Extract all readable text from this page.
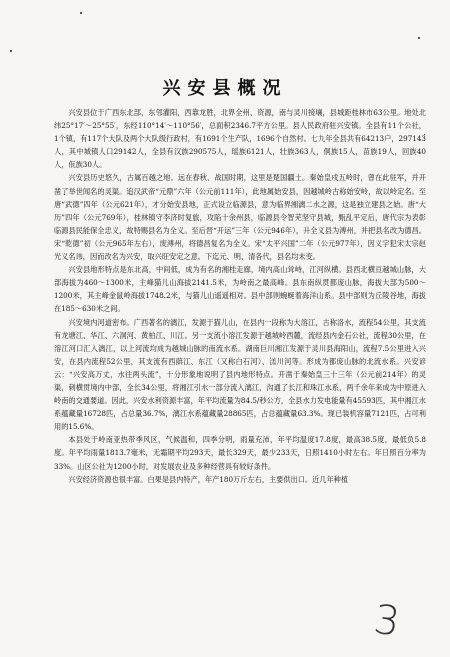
兴安县概况

兴安县位于广西东北部，东邻灌阳，西靠龙胜，北界全州、资源，南与灵川接壤，县城距桂林市63公里。地处北纬25°17′～25°55′，东经110°14′～110°56′，总面积2346.7平方公里。县人民政府驻兴安镇。全县有11个公社，1个镇，有117个大队及两个大队级行政村，有1691个生产队，1696个自然村。七九年全县共有64213户，297143人，其中城镇人口29142人，全县有汉族290575人，瑶族6121人，壮族363人，侗族15人，苗族19人，回族40人，佤族30人。

兴安县历史悠久，古属百越之地。远在春秋、战国时期，这里是楚国疆土。秦始皇戍五岭时，曾在此驻军，并开凿了举世闻名的灵渠。追汉武帝“元鼎”六年（公元前111年），此地属始安县，因越城岭古称始安岭，故以岭定名。至唐“武德”四年（公元621年），才分始安县地，正式设立临源县，意为临界湘漓二水之源，这是独立建县之始。唐“大历”四年（公元769年），桂林镇守李济时复旅，攻陷十余州县，临源县令智芜坚守县城，甄乱平定后，唐代宗为表彰临源县民能保全忠义，故特赐县名为全义。至后晋“开运”三年（公元946年），升全义县为溥州，并把县名改为德昌。宋“乾德”初（公元965年左右），废溥州，将德昌复名为全义。宋“太平兴国”二年（公元977年），因义字犯宋太宗赵光义名讳，因而改名为兴安，取兴旺安定之意。下迄元、明、清各代，县名均未变。

兴安县地形特点是东北高，中间低，成为有名的湘桂走廊，境内高山耸峙，江河纵横。县西北横亘越城山脉，大部海拔为460～1300米，主峰猫儿山海拔2141.5米，为岭南之最高峰。县东南纵贯都庞山脉，海拔大部为500～1200米，其主峰金鼠岭海拔1748.2米，与猫儿山遥遥相对。县中部则蜿蜒着海洋山系。县中部则为丘陵谷地，海拔在185～630米之间。

兴安境内河道密布。广西著名的漓江，发源于猫儿山，在县内一段称为大溶江，古称洛水，流程54公里，其支流有龙塘江、华江、六洞河、黄柏江、川江。另一支流小溶江发源于越城岭西麓，流经县内金石公社，流程30公里，在溶江河口汇入漓江，以上河流均成为越城山脉的南流水系。湖南巨川湘江发源于灵川县海阳山，流程7.5公里进入兴安，在县内流程52公里，其支流有西蕻江、东江（又称白石河）、溔川河等。形成为都庞山脉的北流水系。兴安谚云：“兴安高万丈，水往两头流”，十分形象地说明了县内地形特点。开凿于秦始皇三十三年（公元前214年）的灵渠，刺横贯境内中部，全长34公里，将湘江引水一部分流入漓江，沟通了长江和珠江水系，两千余年来成为中原进入岭南的交通要道。因此，兴安水利资源丰富，年平均流量为84.5/秒公方，全县水力发电能量有45593匹，其中湘江水系蕴藏量16728匹，占总量36.7%，漓江水系蕴藏量28865匹，占总蕴藏量63.3%。现已装机容量7121匹，占可利用的15.6%。

本县处于岭南亚热带季风区，气候温和，四季分明，雨量充沛，年平均温度17.8度，最高38.5度，最低负5.8度。年平均雨量1813.7毫米，无霜期平均293天，最长329天，最少233天，日照1410小时左右。年日照百分率为33%。山区公社为1200小时，对发展农业及多种经营具有较好条件。

兴安经济资源也很丰富。白果是县内特产，年产180万斤左右，主要供出口。近几年种植

3
